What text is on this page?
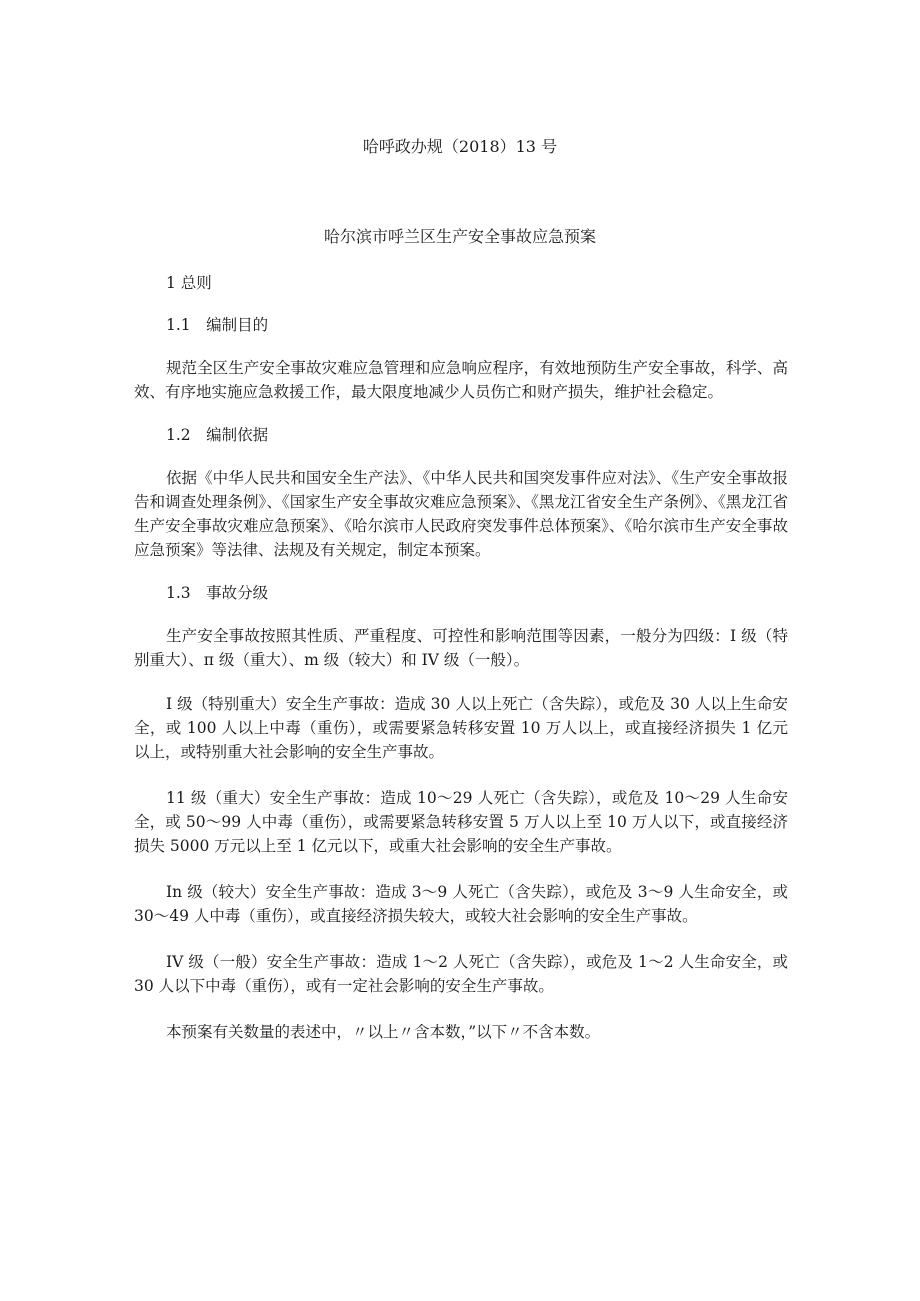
哈呼政办规（2018）13 号

哈尔滨市呼兰区生产安全事故应急预案

1 总则

1.1　编制目的

规范全区生产安全事故灾难应急管理和应急响应程序，有效地预防生产安全事故，科学、高效、有序地实施应急救援工作，最大限度地减少人员伤亡和财产损失，维护社会稳定。

1.2　编制依据

依据《中华人民共和国安全生产法》、《中华人民共和国突发事件应对法》、《生产安全事故报告和调查处理条例》、《国家生产安全事故灾难应急预案》、《黑龙江省安全生产条例》、《黑龙江省生产安全事故灾难应急预案》、《哈尔滨市人民政府突发事件总体预案》、《哈尔滨市生产安全事故应急预案》等法律、法规及有关规定，制定本预案。

1.3　事故分级

生产安全事故按照其性质、严重程度、可控性和影响范围等因素，一般分为四级：I 级（特别重大）、π 级（重大）、m 级（较大）和 IV 级（一般）。

I 级（特别重大）安全生产事故：造成 30 人以上死亡（含失踪），或危及 30 人以上生命安全，或 100 人以上中毒（重伤），或需要紧急转移安置 10 万人以上，或直接经济损失 1 亿元以上，或特别重大社会影响的安全生产事故。

11 级（重大）安全生产事故：造成 10～29 人死亡（含失踪），或危及 10～29 人生命安全，或 50～99 人中毒（重伤），或需要紧急转移安置 5 万人以上至 10 万人以下，或直接经济损失 5000 万元以上至 1 亿元以下，或重大社会影响的安全生产事故。

In 级（较大）安全生产事故：造成 3～9 人死亡（含失踪），或危及 3～9 人生命安全，或 30～49 人中毒（重伤），或直接经济损失较大，或较大社会影响的安全生产事故。

IV 级（一般）安全生产事故：造成 1～2 人死亡（含失踪），或危及 1～2 人生命安全，或 30 人以下中毒（重伤），或有一定社会影响的安全生产事故。

本预案有关数量的表述中，〃以上〃含本数，”以下〃不含本数。
